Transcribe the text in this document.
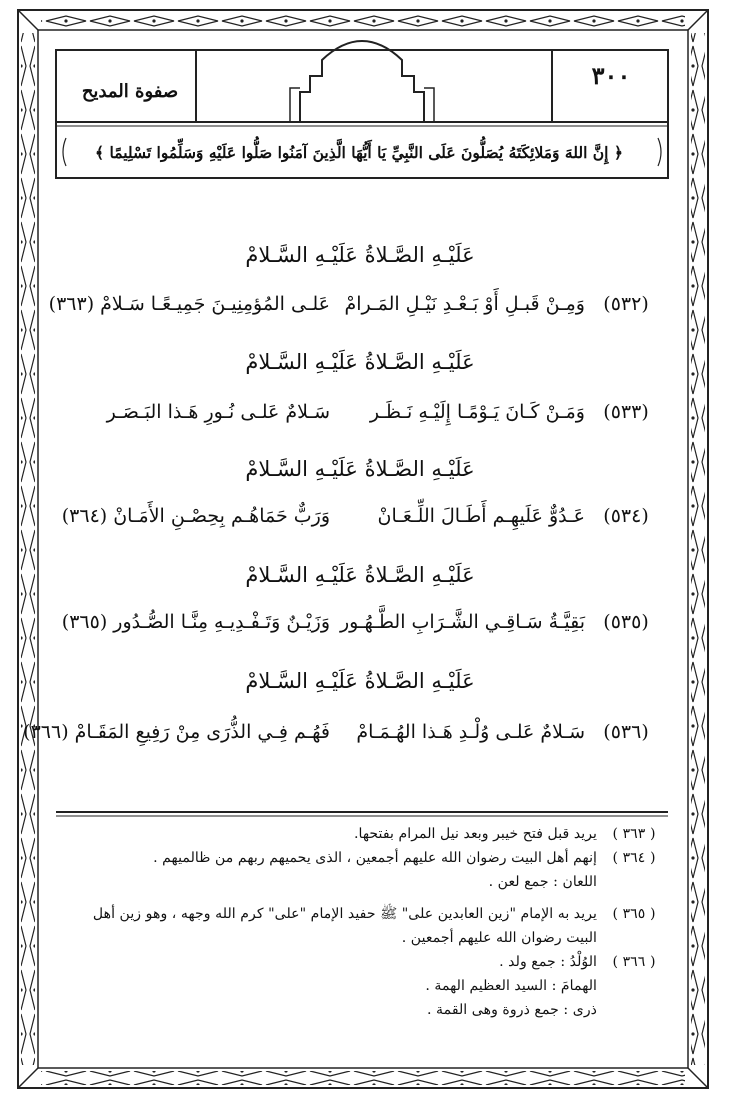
٣٠٠
صفوة المديح
﴿ إِنَّ اللهَ وَمَلائِكَتَهُ يُصَلُّونَ عَلَى النَّبِيِّ يَا أَيُّهَا الَّذِينَ آمَنُوا صَلُّوا عَلَيْهِ وَسَلِّمُوا تَسْلِيمًا ﴾
عَلَيْـهِ الصَّـلاةُ عَلَيْـهِ السَّـلامْ
(٥٣٢)
وَمِـنْ قَبـلِ أَوْ بَـعْـدِ نَيْـلِ المَـرامْ
عَلـى المُؤمِنِيـنَ جَمِيـعًـا سَـلامْ (٣٦٣)
عَلَيْـهِ الصَّـلاةُ عَلَيْـهِ السَّـلامْ
(٥٣٣)
وَمَـنْ كَـانَ يَـوْمًـا إِلَيْـهِ نَـظَـر
سَـلامٌ عَلـى نُـورِ هَـذا البَـصَـر
عَلَيْـهِ الصَّـلاةُ عَلَيْـهِ السَّـلامْ
(٥٣٤)
عَـدُوٌّ عَلَيهِـم أَطَـالَ اللِّـعَـانْ
وَرَبٌّ حَمَاهُـم بِحِصْـنِ الأَمَـانْ (٣٦٤)
عَلَيْـهِ الصَّـلاةُ عَلَيْـهِ السَّـلامْ
(٥٣٥)
بَقِيَّـةُ سَـاقِـي الشَّـرَابِ الطَّـهُـور
وَزَيْـنٌ وَتَـفْـدِيـهِ مِنَّـا الصُّـدُور (٣٦٥)
عَلَيْـهِ الصَّـلاةُ عَلَيْـهِ السَّـلامْ
(٥٣٦)
سَـلامٌ عَلـى وُلْـدِ هَـذا الهُـمَـامْ
فَهُـم فِـي الذُّرَى مِنْ رَفِيعِ المَقَـامْ (٣٦٦)
( ٣٦٣ )
يريد قبل فتح خيبر وبعد نيل المرام بفتحها.
( ٣٦٤ )
إنهم أهل البيت رضوان الله عليهم أجمعين ، الذى يحميهم ربهم من ظالميهم .
اللعان : جمع لعن .
( ٣٦٥ )
يريد به الإمام "زين العابدين على" ﷺ حفيد الإمام "على" كرم الله وجهه ، وهو زين أهل
البيت رضوان الله عليهم أجمعين .
( ٣٦٦ )
الوُلْدُ : جمع ولد .
الهمامَ : السيد العظيم الهمة .
ذرى : جمع ذروة وهى القمة .
